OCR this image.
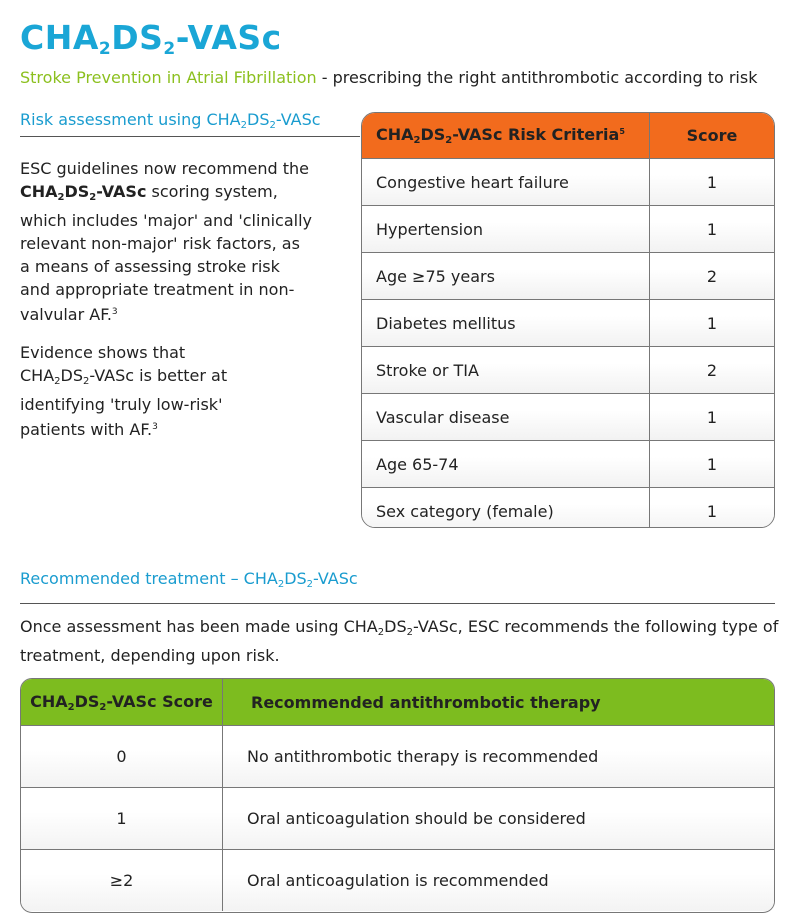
$CHA_2DS_2$-VASc
Stroke Prevention in Atrial Fibrillation - prescribing the right antithrombotic according to risk
Risk assessment using $CHA_2DS_2$-VASc
ESC guidelines now recommend the $CHA_2DS_2$-VASc scoring system, which includes 'major' and 'clinically relevant non-major' risk factors, as a means of assessing stroke risk and appropriate treatment in non-valvular AF.$^3$
Evidence shows that $CHA_2DS_2$-VASc is better at identifying 'truly low-risk' patients with AF.$^3$
$CHA_2DS_2$-VASc Risk Criteria$^5$	Score
Congestive heart failure	1
Hypertension	1
Age ≥75 years	2
Diabetes mellitus	1
Stroke or TIA	2
Vascular disease	1
Age 65-74	1
Sex category (female)	1
Recommended treatment – $CHA_2DS_2$-VASc
Once assessment has been made using $CHA_2DS_2$-VASc, ESC recommends the following type of treatment, depending upon risk.
$CHA_2DS_2$-VASc Score	Recommended antithrombotic therapy
0	No antithrombotic therapy is recommended
1	Oral anticoagulation should be considered
≥2	Oral anticoagulation is recommended
